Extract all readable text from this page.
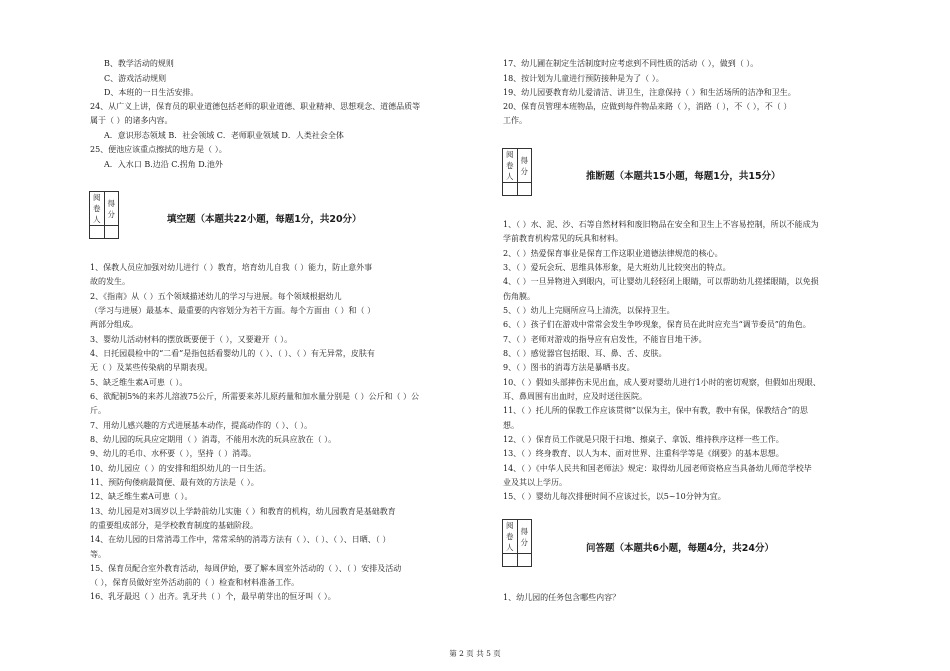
B、教学活动的规则
C、游戏活动规则
D、本班的一日生活安排。
24、从广义上讲，保育员的职业道德包括老师的职业道德、职业精神、思想观念、道德品质等
属于（ ）的诸多内容。
A．意识形态领域 B．社会领域 C．老师职业领域 D．人类社会全体
25、便池应该重点擦拭的地方是（ ）。
A．入水口 B.边沿 C.拐角 D.池外
阅卷人	得分
		填空题（本题共22小题，每题1分，共20分）
1、保教人员应加强对幼儿进行（ ）教育，培育幼儿自我（ ）能力，防止意外事
故的发生。
2、《指南》从（ ）五个领域描述幼儿的学习与进展。每个领域根据幼儿
（学习与进展）最基本、最重要的内容划分为若干方面。每个方面由（ ）和（ ）
两部分组成。
3、婴幼儿活动材料的摆放既要便于（ ），又要避开（ ）。
4、日托园晨检中的“二看”是指包括看婴幼儿的（ ）、（ ）、（ ）有无异常，皮肤有
无（ ）及某些传染病的早期表现。
5、缺乏维生素A可患（ ）。
6、欲配制5%的来苏儿溶液75公斤，所需要来苏儿原药量和加水量分别是（ ）公斤和（ ）公
斤。
7、用幼儿感兴趣的方式进展基本动作，提高动作的（ ）、（ ）。
8、幼儿园的玩具应定期用（ ）消毒，不能用水洗的玩具应放在（ ）。
9、幼儿的毛巾、水杯要（ ），坚持（ ）消毒。
10、幼儿园应（ ）的安排和组织幼儿的一日生活。
11、预防佝偻病最简便、最有效的方法是（ ）。
12、缺乏维生素A可患（ ）。
13、幼儿园是对3周岁以上学龄前幼儿实施（ ）和教育的机构，幼儿园教育是基础教育
的重要组成部分，是学校教育制度的基础阶段。
14、在幼儿园的日常消毒工作中，常常采纳的消毒方法有（ ）、（ ）、（ ）、日晒、（ ）
等。
15、保育员配合室外教育活动，每周伊始，要了解本周室外活动的（ ）、（ ）安排及活动
（ ），保育员做好室外活动前的（ ）检查和材料准备工作。
16、乳牙最迟（ ）出齐。乳牙共（ ）个，最早萌芽出的恒牙叫（ ）。
17、幼儿圃在制定生活制度时应考虑到不同性质的活动（ ），做到（ ）。
18、按计划为儿童进行预防接种是为了（ ）。
19、幼儿园要教育幼儿爱清洁、讲卫生，注意保持（ ）和生活场所的洁净和卫生。
20、保育员管理本班物品，应做到每件物品来路（ ），消路（ ），不（ ），不（ ）
工作。
阅卷人	得分
		推断题（本题共15小题，每题1分，共15分）
1、（ ）水、泥、沙、石等自然材料和废旧物品在安全和卫生上不容易控制，所以不能成为
学前教育机构常见的玩具和材料。
2、（ ）热爱保育事业是保育工作这职业道德法律规范的核心。
3、（ ）爱玩会玩、思维具体形象，是大班幼儿比较突出的特点。
4、（ ）一旦异物进入到眼内，可让婴幼儿轻轻闭上眼睛，可以帮助幼儿搓揉眼睛，以免损
伤角膜。
5、（ ）幼儿上完厕所应马上清洗，以保持卫生。
6、（ ）孩子们在游戏中常常会发生争吵现象，保育员在此时应充当“调节委员”的角色。
7、（ ）老师对游戏的指导应有启发性，不能盲目地干涉。
8、（ ）感觉器官包括眼、耳、鼻、舌、皮肤。
9、（ ）图书的消毒方法是暴晒书皮。
10、（ ）假如头部摔伤未见出血，成人要对婴幼儿进行1小时的密切观察，但假如出现眼、
耳、鼻周围有出血时，应及时送往医院。
11、（ ）托儿所的保教工作应该贯彻“以保为主，保中有教，教中有保，保教结合”的思
想。
12、（ ）保育员工作就是只限于扫地、擦桌子、拿饭、维持秩序这样一些工作。
13、（ ）终身教育、以人为本、面对世界、注重科学等是《纲要》的基本思想。
14、（ ）《中华人民共和国老师法》规定：取得幼儿园老师资格应当具备幼儿师范学校毕
业及其以上学历。
15、（ ）婴幼儿每次排便时间不应该过长，以5~10分钟为宜。
阅卷人	得分

问答题（本题共6小题，每题4分，共24分）
1、幼儿园的任务包含哪些内容？
第 2 页 共 5 页
